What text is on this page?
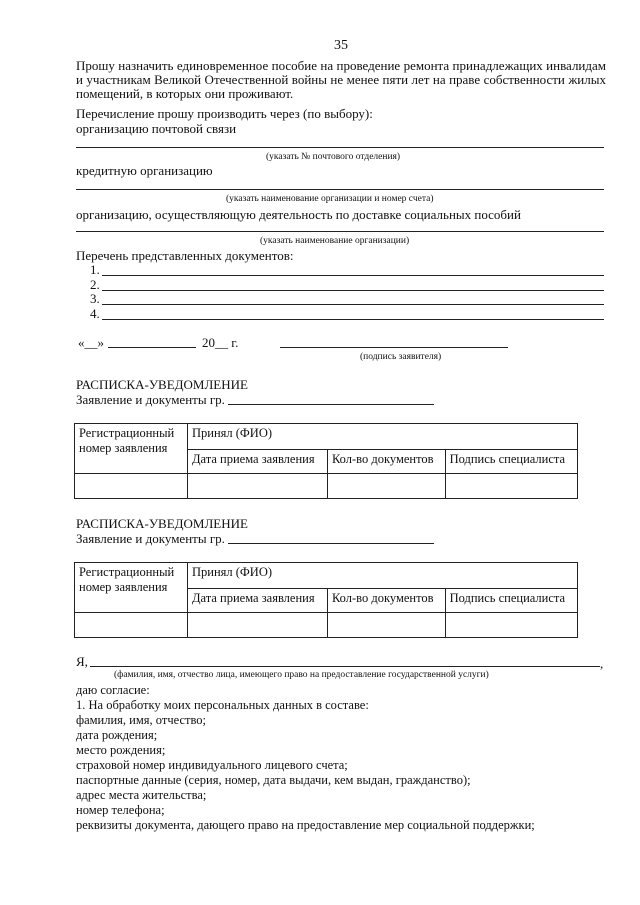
35
Прошу назначить единовременное пособие на проведение ремонта принадлежащих инвалидам и участникам Великой Отечественной войны не менее пяти лет на праве собственности жилых помещений, в которых они проживают.
Перечисление прошу производить через (по выбору):
организацию почтовой связи
(указать № почтового отделения)
кредитную организацию
(указать наименование организации и номер счета)
организацию, осуществляющую деятельность по доставке социальных пособий
(указать наименование организации)
Перечень представленных документов:
1.
2.
3.
4.
«__»	20__ г.
(подпись заявителя)
РАСПИСКА-УВЕДОМЛЕНИЕ
Заявление и документы гр.
Регистрационный
номер заявления	Принял (ФИО)		
	Дата приема заявления	Кол-во документов	Подпись специалиста

РАСПИСКА-УВЕДОМЛЕНИЕ
Заявление и документы гр.
Регистрационный
номер заявления	Принял (ФИО)		
	Дата приема заявления	Кол-во документов	Подпись специалиста

Я,	,
(фамилия, имя, отчество лица, имеющего право на предоставление государственной услуги)
даю согласие:
1. На обработку моих персональных данных в составе:
фамилия, имя, отчество;
дата рождения;
место рождения;
страховой номер индивидуального лицевого счета;
паспортные данные (серия, номер, дата выдачи, кем выдан, гражданство);
адрес места жительства;
номер телефона;
реквизиты документа, дающего право на предоставление мер социальной поддержки;
